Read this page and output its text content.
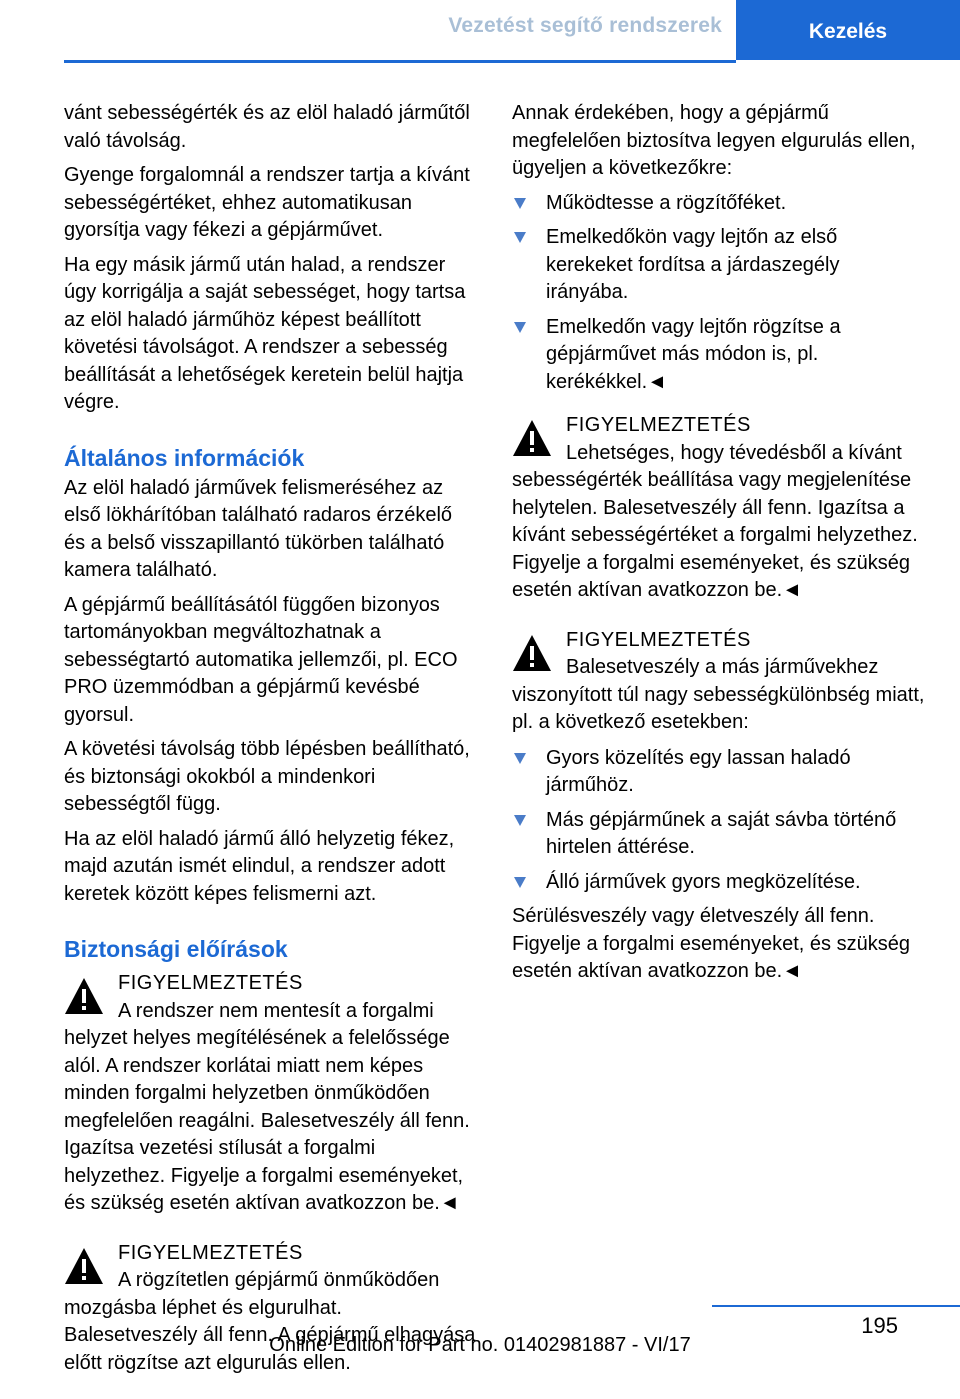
Vezetést segítő rendszerek	Kezelés

vánt sebességérték és az elöl haladó járműtől való távolság.

Gyenge forgalomnál a rendszer tartja a kívánt sebességértéket, ehhez automatikusan gyorsítja vagy fékezi a gépjárművet.

Ha egy másik jármű után halad, a rendszer úgy korrigálja a saját sebességet, hogy tartsa az elöl haladó járműhöz képest beállított követési távolságot. A rendszer a sebesség beállítását a lehetőségek keretein belül hajtja végre.

Általános információk

Az elöl haladó járművek felismeréséhez az első lökhárítóban található radaros érzékelő és a belső visszapillantó tükörben található kamera található.

A gépjármű beállításától függően bizonyos tartományokban megváltozhatnak a sebességtartó automatika jellemzői, pl. ECO PRO üzemmódban a gépjármű kevésbé gyorsul.

A követési távolság több lépésben beállítható, és biztonsági okokból a mindenkori sebességtől függ.

Ha az elöl haladó jármű álló helyzetig fékez, majd azután ismét elindul, a rendszer adott keretek között képes felismerni azt.

Biztonsági előírások
FIGYELMEZTETÉS
A rendszer nem mentesít a forgalmi helyzet helyes megítélésének a felelőssége alól. A rendszer korlátai miatt nem képes minden forgalmi helyzetben önműködően megfelelően reagálni. Balesetveszély áll fenn. Igazítsa vezetési stílusát a forgalmi helyzethez. Figyelje a forgalmi eseményeket, és szükség esetén aktívan avatkozzon be.◄
FIGYELMEZTETÉS
A rögzítetlen gépjármű önműködően mozgásba léphet és elgurulhat. Balesetveszély áll fenn. A gépjármű elhagyása előtt rögzítse azt elgurulás ellen.

Annak érdekében, hogy a gépjármű megfelelően biztosítva legyen elgurulás ellen, ügyeljen a következőkre:

Működtesse a rögzítőféket.
Emelkedőkön vagy lejtőn az első kerekeket fordítsa a járdaszegély irányába.
Emelkedőn vagy lejtőn rögzítse a gépjárművet más módon is, pl. kerékékkel.◄
FIGYELMEZTETÉS
Lehetséges, hogy tévedésből a kívánt sebességérték beállítása vagy megjelenítése helytelen. Balesetveszély áll fenn. Igazítsa a kívánt sebességértéket a forgalmi helyzethez. Figyelje a forgalmi eseményeket, és szükség esetén aktívan avatkozzon be.◄
FIGYELMEZTETÉS
Balesetveszély a más járművekhez viszonyított túl nagy sebességkülönbség miatt, pl. a következő esetekben:
Gyors közelítés egy lassan haladó járműhöz.
Más gépjárműnek a saját sávba történő hirtelen áttérése.
Álló járművek gyors megközelítése.

Sérülésveszély vagy életveszély áll fenn. Figyelje a forgalmi eseményeket, és szükség esetén aktívan avatkozzon be.◄

195
Online Edition for Part no. 01402981887 - VI/17
